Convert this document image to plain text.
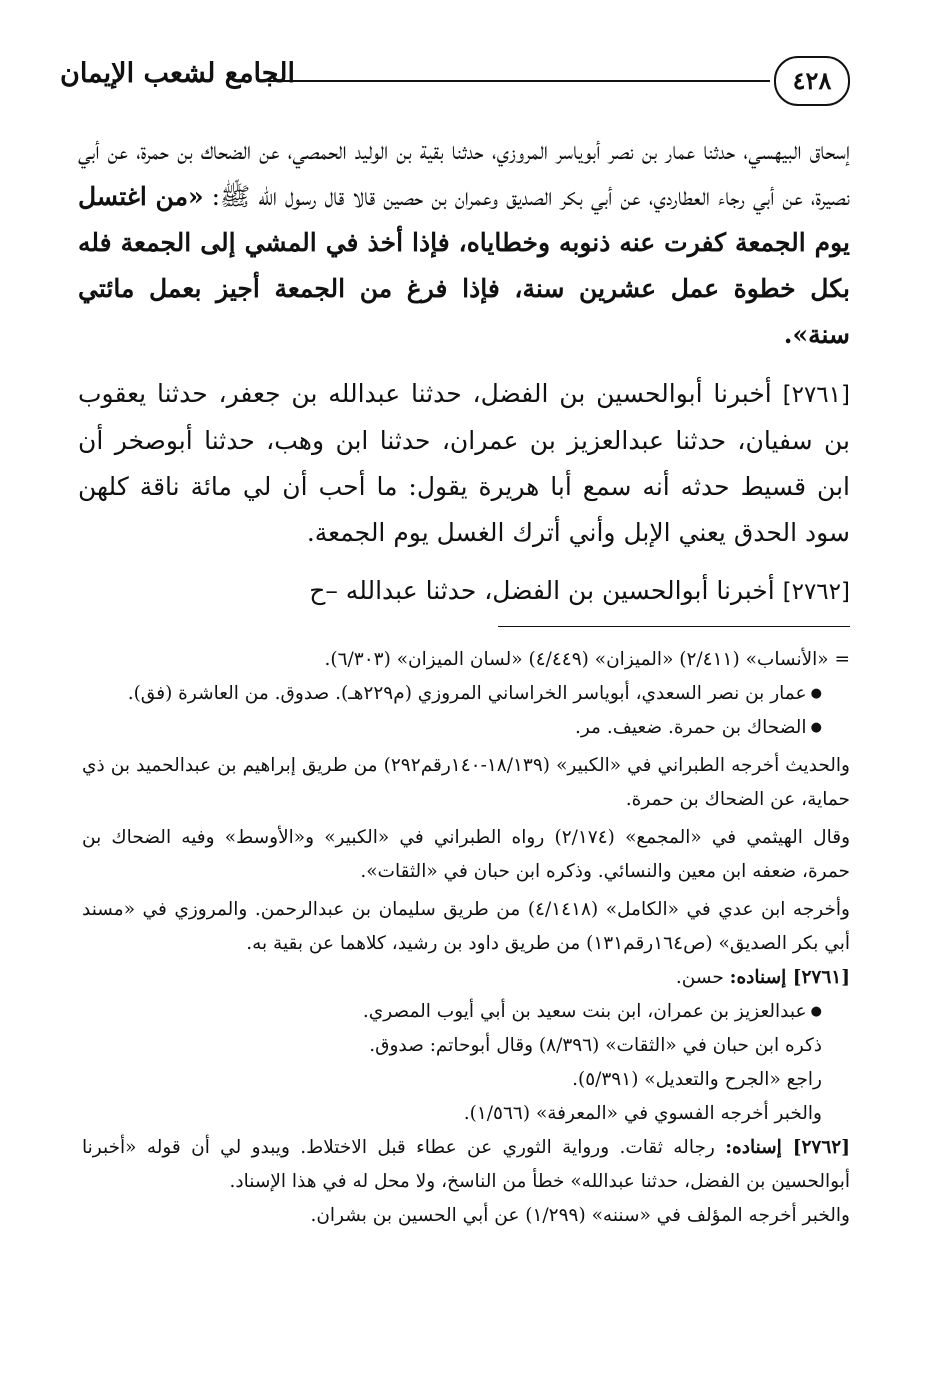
الجامع لشعب الإيمان	٤٢٨
إسحاق البيهسي، حدثنا عمار بن نصر أبوياسر المروزي، حدثنا بقية بن الوليد الحمصي، عن الضحاك بن حمرة، عن أبي نصيرة، عن أبي رجاء العطاردي، عن أبي بكر الصديق وعمران بن حصين قالا قال رسول الله ﷺ: «من اغتسل يوم الجمعة كفرت عنه ذنوبه وخطاياه، فإذا أخذ في المشي إلى الجمعة فله بكل خطوة عمل عشرين سنة، فإذا فرغ من الجمعة أجيز بعمل مائتي سنة».
[٢٧٦١] أخبرنا أبوالحسين بن الفضل، حدثنا عبدالله بن جعفر، حدثنا يعقوب بن سفيان، حدثنا عبدالعزيز بن عمران، حدثنا ابن وهب، حدثنا أبوصخر أن ابن قسيط حدثه أنه سمع أبا هريرة يقول: ما أحب أن لي مائة ناقة كلهن سود الحدق يعني الإبل وأني أترك الغسل يوم الجمعة.
[٢٧٦٢] أخبرنا أبوالحسين بن الفضل، حدثنا عبدالله –ح

= «الأنساب» (٢/٤١١) «الميزان» (٤/٤٤٩) «لسان الميزان» (٦/٣٠٣).

● عمار بن نصر السعدي، أبوياسر الخراساني المروزي (م٢٢٩هـ). صدوق. من العاشرة (فق).

● الضحاك بن حمرة. ضعيف. مر.

والحديث أخرجه الطبراني في «الكبير» (١٨/١٣٩-١٤٠رقم٢٩٢) من طريق إبراهيم بن عبدالحميد بن ذي حماية، عن الضحاك بن حمرة.

وقال الهيثمي في «المجمع» (٢/١٧٤) رواه الطبراني في «الكبير» و«الأوسط» وفيه الضحاك بن حمرة، ضعفه ابن معين والنسائي. وذكره ابن حبان في «الثقات».

وأخرجه ابن عدي في «الكامل» (٤/١٤١٨) من طريق سليمان بن عبدالرحمن. والمروزي في «مسند أبي بكر الصديق» (ص١٦٤رقم١٣١) من طريق داود بن رشيد، كلاهما عن بقية به.

[٢٧٦١] إسناده: حسن.

● عبدالعزيز بن عمران، ابن بنت سعيد بن أبي أيوب المصري.

ذكره ابن حبان في «الثقات» (٨/٣٩٦) وقال أبوحاتم: صدوق.

راجع «الجرح والتعديل» (٥/٣٩١).

والخبر أخرجه الفسوي في «المعرفة» (١/٥٦٦).

[٢٧٦٢] إسناده: رجاله ثقات. ورواية الثوري عن عطاء قبل الاختلاط. ويبدو لي أن قوله «أخبرنا أبوالحسين بن الفضل، حدثنا عبدالله» خطأ من الناسخ، ولا محل له في هذا الإسناد.

والخبر أخرجه المؤلف في «سننه» (١/٢٩٩) عن أبي الحسين بن بشران.
